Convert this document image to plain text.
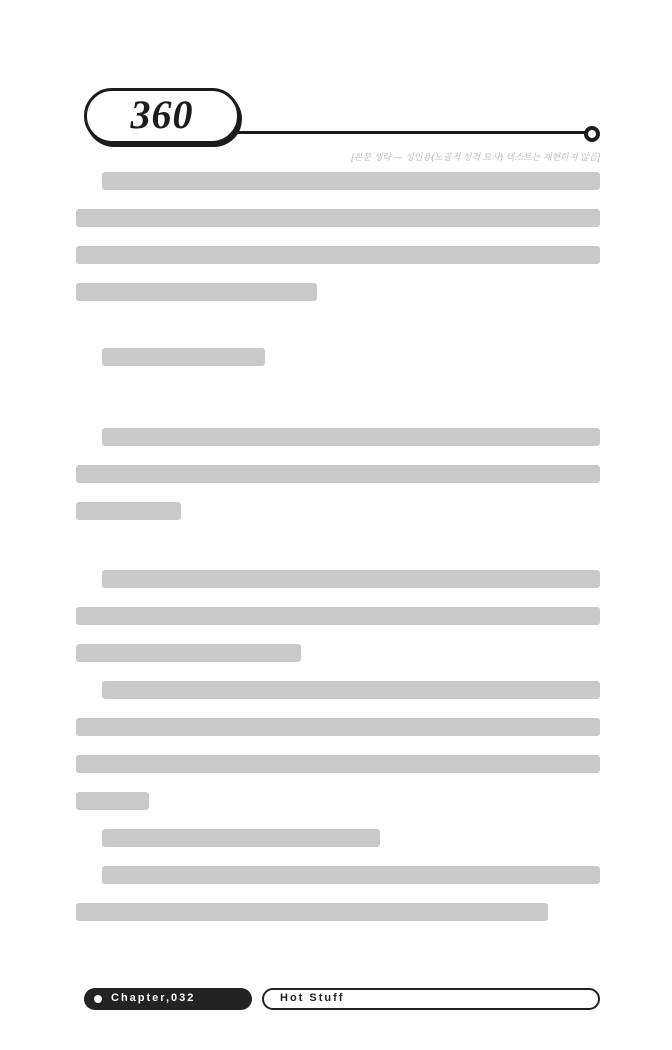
360
[본문 생략 — 성인용(노골적 성적 묘사) 텍스트는 재현하지 않음]
Chapter,032	Hot Stuff
